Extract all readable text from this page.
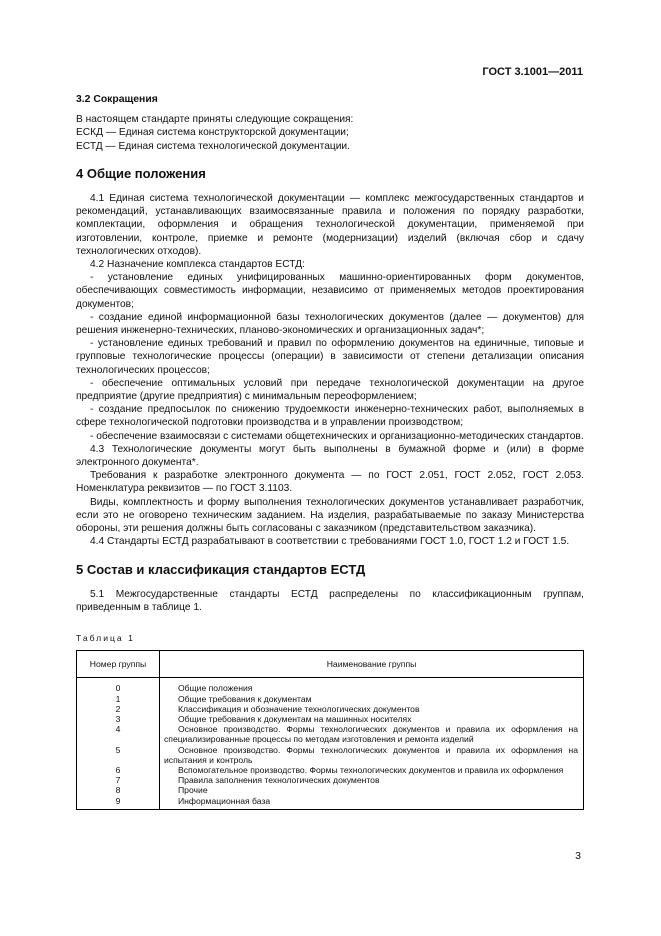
ГОСТ 3.1001—2011
3.2 Сокращения

В настоящем стандарте приняты следующие сокращения:

ЕСКД — Единая система конструкторской документации;

ЕСТД — Единая система технологической документации.

4 Общие положения

4.1 Единая система технологической документации — комплекс межгосударственных стандартов и рекомендаций, устанавливающих взаимосвязанные правила и положения по порядку разработки, комплектации, оформления и обращения технологической документации, применяемой при изготовлении, контроле, приемке и ремонте (модернизации) изделий (включая сбор и сдачу технологических отходов).

4.2 Назначение комплекса стандартов ЕСТД:

- установление единых унифицированных машинно-ориентированных форм документов, обеспечивающих совместимость информации, независимо от применяемых методов проектирования документов;

- создание единой информационной базы технологических документов (далее — документов) для решения инженерно-технических, планово-экономических и организационных задач*;

- установление единых требований и правил по оформлению документов на единичные, типовые и групповые технологические процессы (операции) в зависимости от степени детализации описания технологических процессов;

- обеспечение оптимальных условий при передаче технологической документации на другое предприятие (другие предприятия) с минимальным переоформлением;

- создание предпосылок по снижению трудоемкости инженерно-технических работ, выполняемых в сфере технологической подготовки производства и в управлении производством;

- обеспечение взаимосвязи с системами общетехнических и организационно-методических стандартов.

4.3 Технологические документы могут быть выполнены в бумажной форме и (или) в форме электронного документа*.

Требования к разработке электронного документа — по ГОСТ 2.051, ГОСТ 2.052, ГОСТ 2.053. Номенклатура реквизитов — по ГОСТ 3.1103.

Виды, комплектность и форму выполнения технологических документов устанавливает разработчик, если это не оговорено техническим заданием. На изделия, разрабатываемые по заказу Министерства обороны, эти решения должны быть согласованы с заказчиком (представительством заказчика).

4.4 Стандарты ЕСТД разрабатывают в соответствии с требованиями ГОСТ 1.0, ГОСТ 1.2 и ГОСТ 1.5.

5 Состав и классификация стандартов ЕСТД

5.1 Межгосударственные стандарты ЕСТД распределены по классификационным группам, приведенным в таблице 1.

Таблица 1
Номер группы	Наименование группы
0	Общие положения

1	Общие требования к документам

2	Классификация и обозначение технологических документов

3	Общие требования к документам на машинных носителях

4	Основное производство. Формы технологических документов и правила их оформления на специализированные процессы по методам изготовления и ремонта изделий

5	Основное производство. Формы технологических документов и правила их оформления на испытания и контроль

6	Вспомогательное производство. Формы технологических документов и правила их оформления

7	Правила заполнения технологических документов

8	Прочие

9	Информационная база
3
